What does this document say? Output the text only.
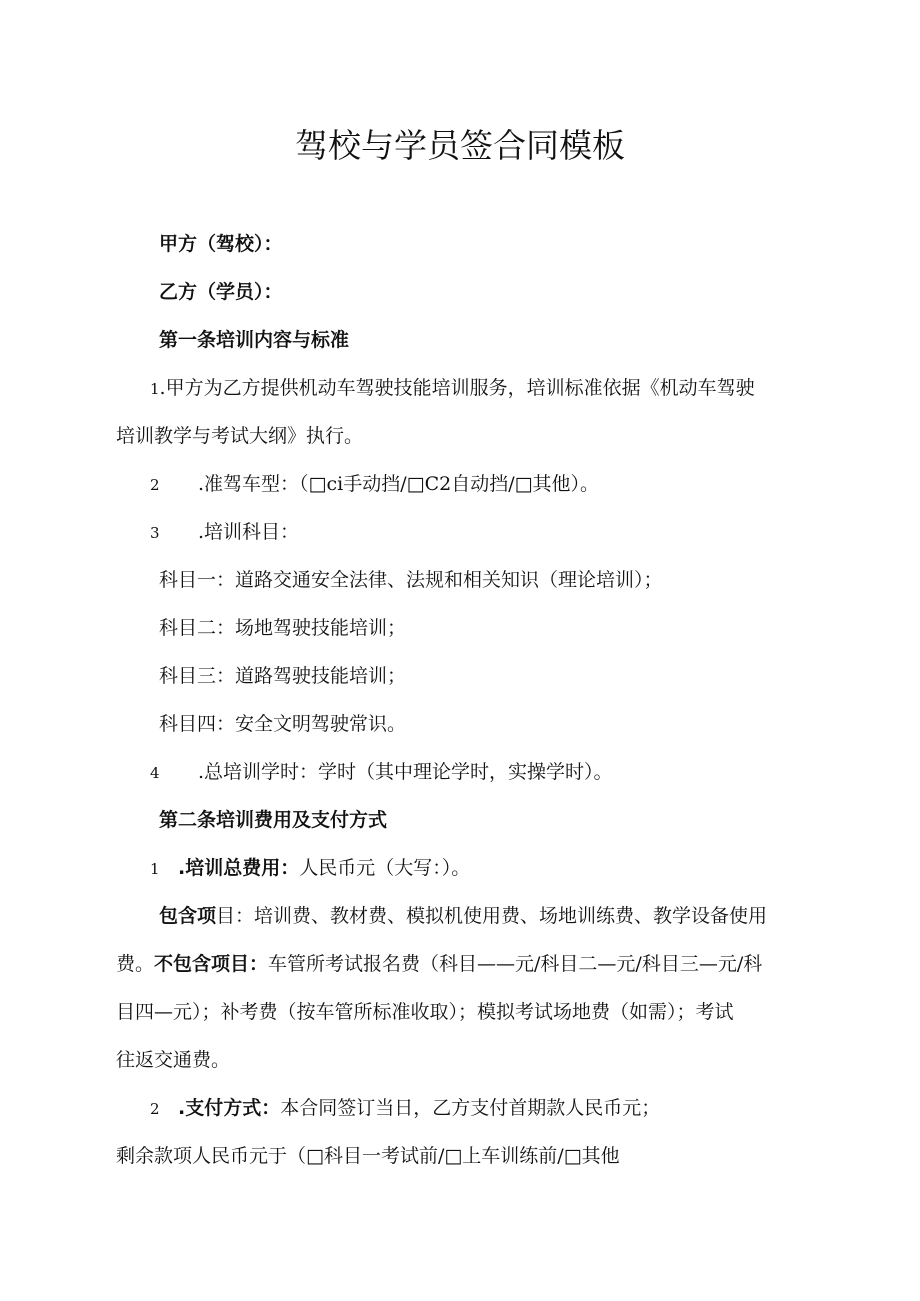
驾校与学员签合同模板
甲方（驾校）：
乙方（学员）：
第一条培训内容与标准
1.甲方为乙方提供机动车驾驶技能培训服务，培训标准依据《机动车驾驶
培训教学与考试大纲》执行。
2 .准驾车型：（□ci手动挡/□C2自动挡/□其他）。
3 .培训科目：
科目一：道路交通安全法律、法规和相关知识（理论培训）；
科目二：场地驾驶技能培训；
科目三：道路驾驶技能培训；
科目四：安全文明驾驶常识。
4 .总培训学时：学时（其中理论学时，实操学时）。
第二条培训费用及支付方式
1 .培训总费用：人民币元（大写：）。
包含项目：培训费、教材费、模拟机使用费、场地训练费、教学设备使用
费。不包含项目：车管所考试报名费（科目——元/科目二—元/科目三—元/科
目四—元）；补考费（按车管所标准收取）；模拟考试场地费（如需）；考试
往返交通费。
2 .支付方式：本合同签订当日，乙方支付首期款人民币元；
剩余款项人民币元于（□科目一考试前/□上车训练前/□其他
